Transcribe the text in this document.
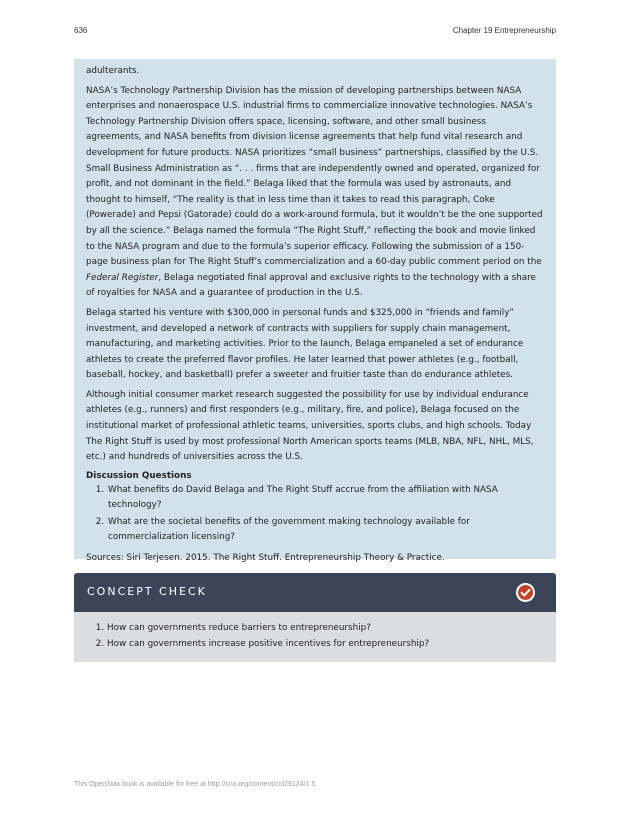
636	Chapter 19 Entrepreneurship

adulterants.

NASA’s Technology Partnership Division has the mission of developing partnerships between NASA enterprises and nonaerospace U.S. industrial firms to commercialize innovative technologies. NASA’s Technology Partnership Division offers space, licensing, software, and other small business agreements, and NASA benefits from division license agreements that help fund vital research and development for future products. NASA prioritizes “small business” partnerships, classified by the U.S. Small Business Administration as “. . . firms that are independently owned and operated, organized for profit, and not dominant in the field.” Belaga liked that the formula was used by astronauts, and thought to himself, “The reality is that in less time than it takes to read this paragraph, Coke (Powerade) and Pepsi (Gatorade) could do a work-around formula, but it wouldn’t be the one supported by all the science.” Belaga named the formula “The Right Stuff,” reflecting the book and movie linked to the NASA program and due to the formula’s superior efficacy. Following the submission of a 150-page business plan for The Right Stuff’s commercialization and a 60-day public comment period on the Federal Register, Belaga negotiated final approval and exclusive rights to the technology with a share of royalties for NASA and a guarantee of production in the U.S.

Belaga started his venture with $300,000 in personal funds and $325,000 in “friends and family” investment, and developed a network of contracts with suppliers for supply chain management, manufacturing, and marketing activities. Prior to the launch, Belaga empaneled a set of endurance athletes to create the preferred flavor profiles. He later learned that power athletes (e.g., football, baseball, hockey, and basketball) prefer a sweeter and fruitier taste than do endurance athletes.

Although initial consumer market research suggested the possibility for use by individual endurance athletes (e.g., runners) and first responders (e.g., military, fire, and police), Belaga focused on the institutional market of professional athletic teams, universities, sports clubs, and high schools. Today The Right Stuff is used by most professional North American sports teams (MLB, NBA, NFL, NHL, MLS, etc.) and hundreds of universities across the U.S.

Discussion Questions
1. What benefits do David Belaga and The Right Stuff accrue from the affiliation with NASA technology?
2. What are the societal benefits of the government making technology available for commercialization licensing?

Sources: Siri Terjesen. 2015. The Right Stuff. Entrepreneurship Theory & Practice.

CONCEPT CHECK
1. How can governments reduce barriers to entrepreneurship?
2. How can governments increase positive incentives for entrepreneurship?
This OpenStax book is available for free at http://cnx.org/content/col29124/1.5
